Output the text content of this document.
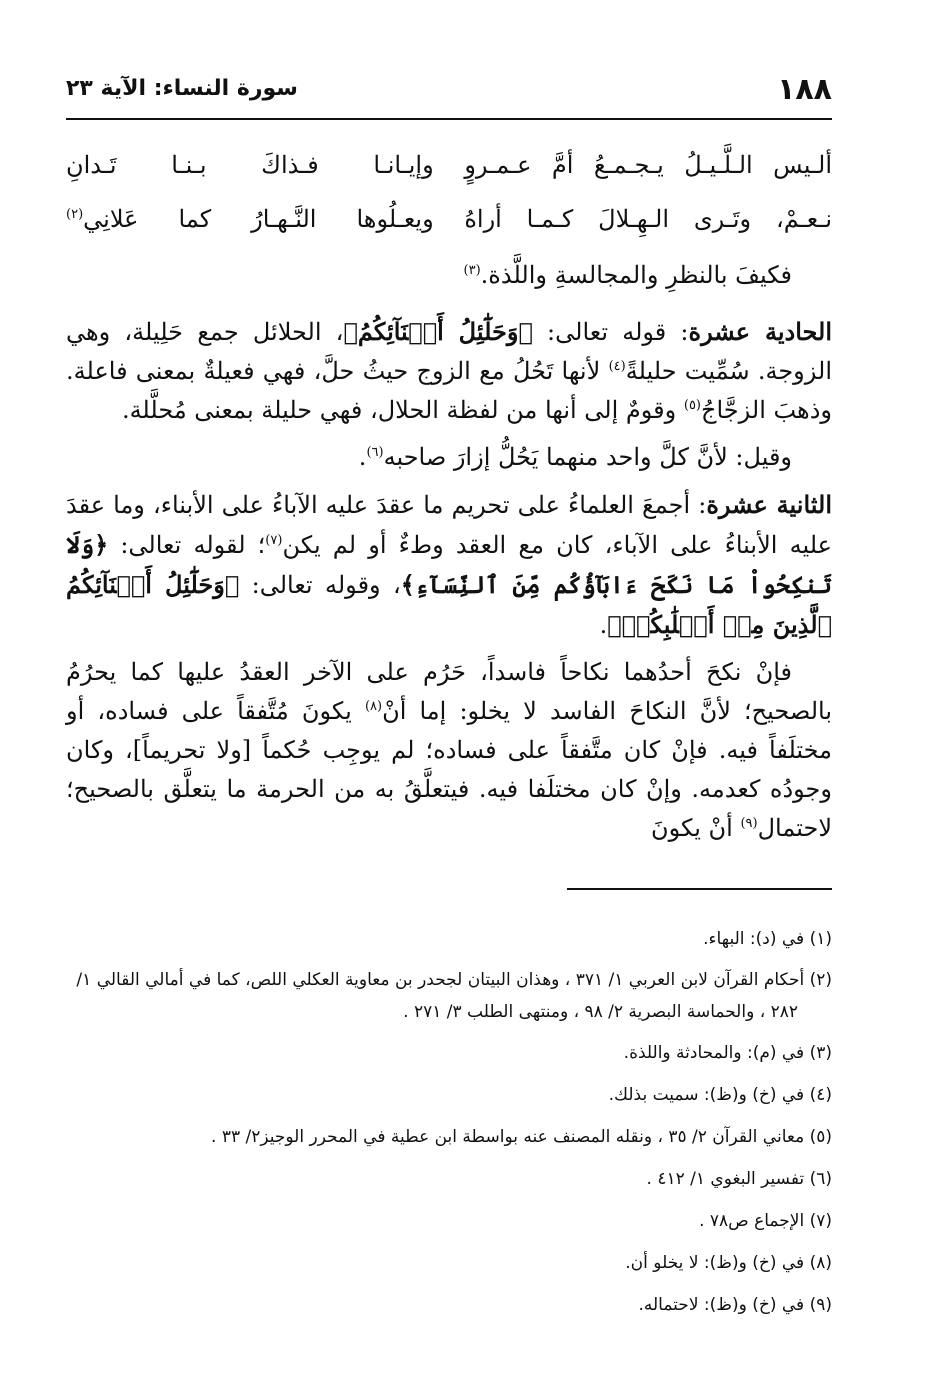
١٨٨
سورة النساء: الآية ٢٣
ألـيس الـلَّـيـلُ يـجـمـعُ أمَّ عـمـروٍ
وإيـانـا فـذاكَ بـنـا تَـدانِ
نـعـمْ، وتَـرى الـهِـلالَ كـمـا أراهُ
ويعـلُوها النَّـهـارُ كما عَلانِي$^{(٢)}$
فكيفَ بالنظرِ والمجالسةِ واللَّذة.$^{(٣)}$

الحادية عشرة: قوله تعالى: ﴿وَحَلَٰٓئِلُ أَبۡنَآئِكُمُ﴾، الحلائل جمع حَلِيلة، وهي الزوجة. سُمِّيت حليلةً$^{(٤)}$ لأنها تَحُلُ مع الزوج حيثُ حلَّ، فهي فعيلةٌ بمعنى فاعلة. وذهبَ الزجَّاجُ$^{(٥)}$ وقومٌ إلى أنها من لفظة الحلال، فهي حليلة بمعنى مُحلَّلة.

وقيل: لأنَّ كلَّ واحد منهما يَحُلُّ إزارَ صاحبه$^{(٦)}$.

الثانية عشرة: أجمعَ العلماءُ على تحريم ما عقدَ عليه الآباءُ على الأبناء، وما عقدَ عليه الأبناءُ على الآباء، كان مع العقد وطءٌ أو لم يكن$^{(٧)}$؛ لقوله تعالى: ﴿وَلَا تَنكِحُواْ مَا نَكَحَ ءَابَآؤُكُم مِّنَ ٱلنِّسَآءِ﴾، وقوله تعالى: ﴿وَحَلَٰٓئِلُ أَبۡنَآئِكُمُ ٱلَّذِينَ مِنۡ أَصۡلَٰبِكُمۡ﴾.

فإنْ نكحَ أحدُهما نكاحاً فاسداً، حَرُم على الآخر العقدُ عليها كما يحرُمُ بالصحيح؛ لأنَّ النكاحَ الفاسد لا يخلو: إما أنْ$^{(٨)}$ يكونَ مُتَّفقاً على فساده، أو مختلَفاً فيه. فإنْ كان متَّفقاً على فساده؛ لم يوجِب حُكماً [ولا تحريماً]، وكان وجودُه كعدمه. وإنْ كان مختلَفا فيه. فيتعلَّقُ به من الحرمة ما يتعلَّق بالصحيح؛ لاحتمال$^{(٩)}$ أنْ يكونَ

(١) في (د): البهاء.

(٢) أحكام القرآن لابن العربي ١/ ٣٧١ ، وهذان البيتان لجحدر بن معاوية العكلي اللص، كما في أمالي القالي ١/ ٢٨٢ ، والحماسة البصرية ٢/ ٩٨ ، ومنتهى الطلب ٣/ ٢٧١ .

(٣) في (م): والمحادثة واللذة.

(٤) في (خ) و(ظ): سميت بذلك.

(٥) معاني القرآن ٢/ ٣٥ ، ونقله المصنف عنه بواسطة ابن عطية في المحرر الوجيز٢/ ٣٣ .

(٦) تفسير البغوي ١/ ٤١٢ .

(٧) الإجماع ص٧٨ .

(٨) في (خ) و(ظ): لا يخلو أن.

(٩) في (خ) و(ظ): لاحتماله.
